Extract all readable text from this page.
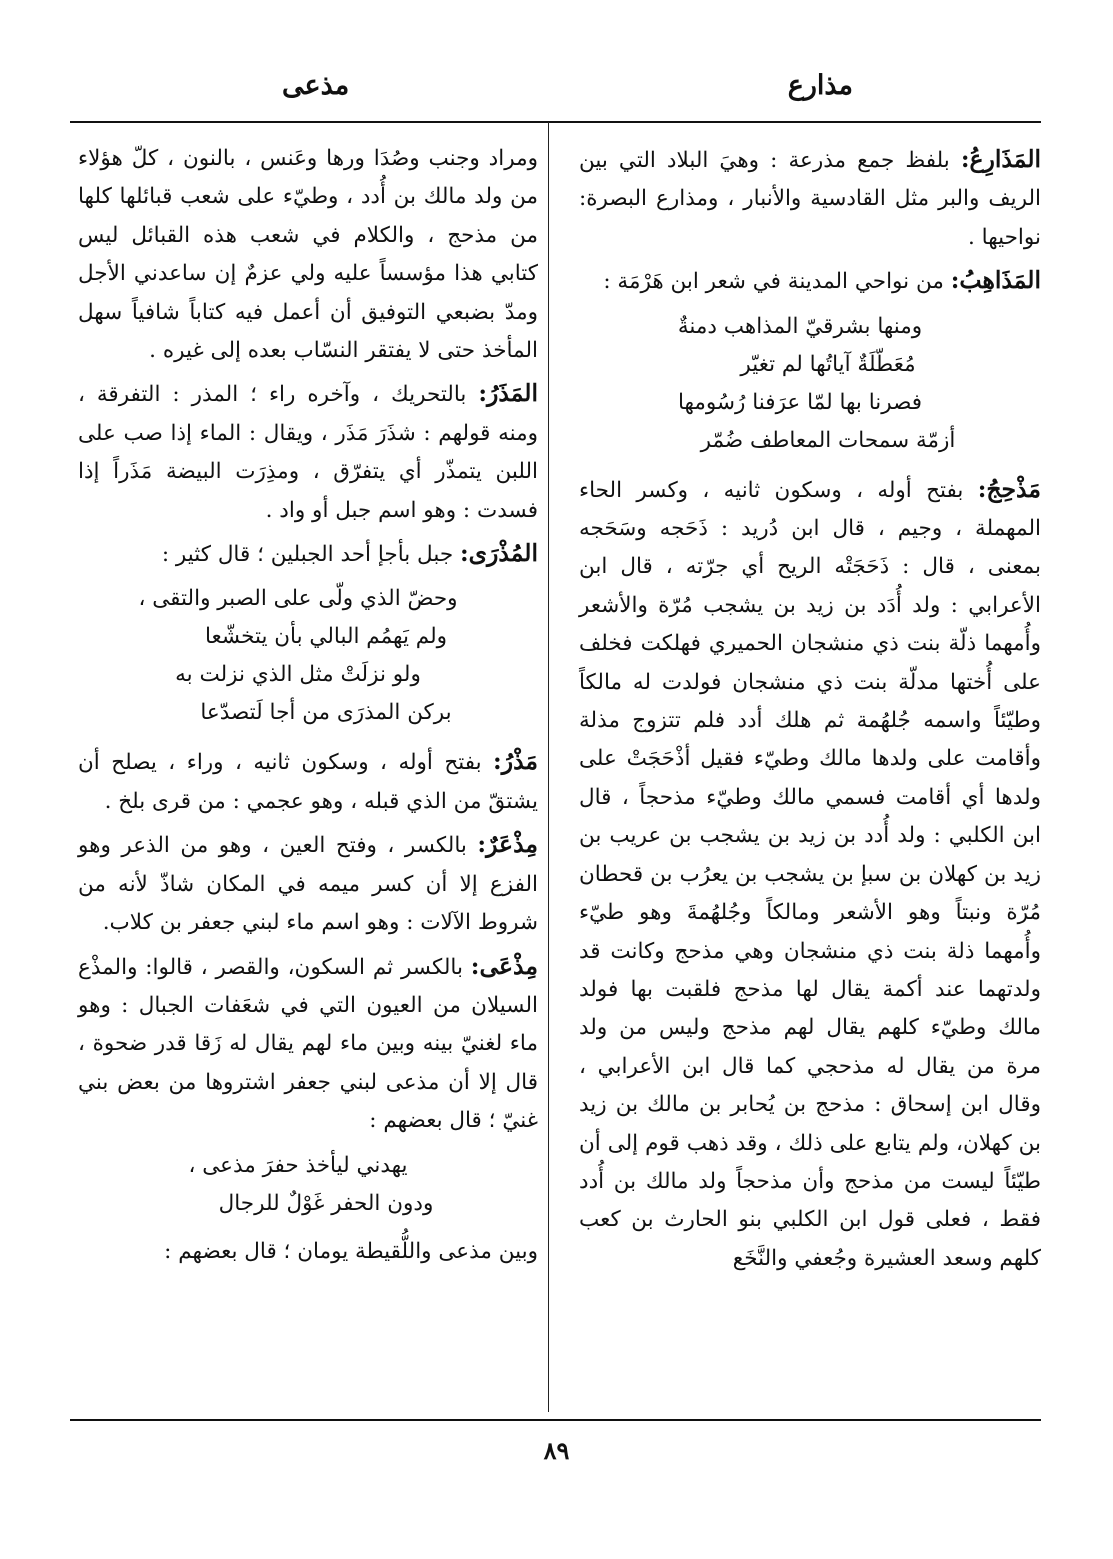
مذارع
مذعى

المَذَارِعُ: بلفظ جمع مذرعة : وهيَ البلاد التي بين الريف والبر مثل القادسية والأنبار ، ومذارع البصرة: نواحيها .

المَذَاهِبُ: من نواحي المدينة في شعر ابن هَرْمَة :

ومنها بشرقيّ المذاهب دمنةٌ
مُعَطّلَةٌ آياتُها لم تغيّر
فصرنا بها لمّا عرَفنا رُسُومها
أزمّة سمحات المعاطف ضُمّر

مَذْحِجُ: بفتح أوله ، وسكون ثانيه ، وكسر الحاء المهملة ، وجيم ، قال ابن دُريد : ذَحَجه وسَحَجه بمعنى ، قال : ذَحَجَتْه الريح أي جرّته ، قال ابن الأعرابي : ولد أُدَد بن زيد بن يشجب مُرّة والأشعر وأُمهما ذلّة بنت ذي منشجان الحميري فهلكت فخلف على أُختها مدلّة بنت ذي منشجان فولدت له مالكاً وطيّئاً واسمه جُلهُمة ثم هلك أدد فلم تتزوج مذلة وأقامت على ولدها مالك وطيّء فقيل أذْحَجَتْ على ولدها أي أقامت فسمي مالك وطيّء مذحجاً ، قال ابن الكلبي : ولد أُدد بن زيد بن يشجب بن عريب بن زيد بن كهلان بن سبإ بن يشجب بن يعرُب بن قحطان مُرّة ونبتاً وهو الأشعر ومالكاً وجُلهُمةَ وهو طيّء وأُمهما ذلة بنت ذي منشجان وهي مذحج وكانت قد ولدتهما عند أكمة يقال لها مذحج فلقبت بها فولد مالك وطيّء كلهم يقال لهم مذحج وليس من ولد مرة من يقال له مذحجي كما قال ابن الأعرابي ، وقال ابن إسحاق : مذحج بن يُحابر بن مالك بن زيد بن كهلان، ولم يتابع على ذلك ، وقد ذهب قوم إلى أن طيّئاً ليست من مذحج وأن مذحجاً ولد مالك بن أُدد فقط ، فعلى قول ابن الكلبي بنو الحارث بن كعب كلهم وسعد العشيرة وجُعفي والنَّخَع

ومراد وجنب وصُدَا ورها وعَنس ، بالنون ، كلّ هؤلاء من ولد مالك بن أُدد ، وطيّء على شعب قبائلها كلها من مذحج ، والكلام في شعب هذه القبائل ليس كتابي هذا مؤسساً عليه ولي عزمٌ إن ساعدني الأجل ومدّ بضبعي التوفيق أن أعمل فيه كتاباً شافياً سهل المأخذ حتى لا يفتقر النسّاب بعده إلى غيره .

المَذَرُ: بالتحريك ، وآخره راء ؛ المذر : التفرقة ، ومنه قولهم : شذَرَ مَذَر ، ويقال : الماء إذا صب على اللبن يتمذّر أي يتفرّق ، ومذِرَت البيضة مَذَراً إذا فسدت : وهو اسم جبل أو واد .

المُذْرَى: جبل بأجإ أحد الجبلين ؛ قال كثير :

وحضّ الذي ولّى على الصبر والتقى ،
ولم يَهمُم البالي بأن يتخشّعا
ولو نزلَتْ مثل الذي نزلت به
بركن المذرَى من أجا لَتصدّعا

مَذْرُ: بفتح أوله ، وسكون ثانيه ، وراء ، يصلح أن يشتقّ من الذي قبله ، وهو عجمي : من قرى بلخ .

مِذْعَرٌ: بالكسر ، وفتح العين ، وهو من الذعر وهو الفزع إلا أن كسر ميمه في المكان شاذّ لأنه من شروط الآلات : وهو اسم ماء لبني جعفر بن كلاب.

مِذْعَى: بالكسر ثم السكون، والقصر ، قالوا: والمذْع السيلان من العيون التي في شعَفات الجبال : وهو ماء لغنيّ بينه وبين ماء لهم يقال له زَقا قدر ضحوة ، قال إلا أن مذعى لبني جعفر اشتروها من بعض بني غنيّ ؛ قال بعضهم :

يهدني ليأخذ حفرَ مذعى ،
ودون الحفر غَوْلٌ للرجال

وبين مذعى واللُّقيطة يومان ؛ قال بعضهم :

٨٩
